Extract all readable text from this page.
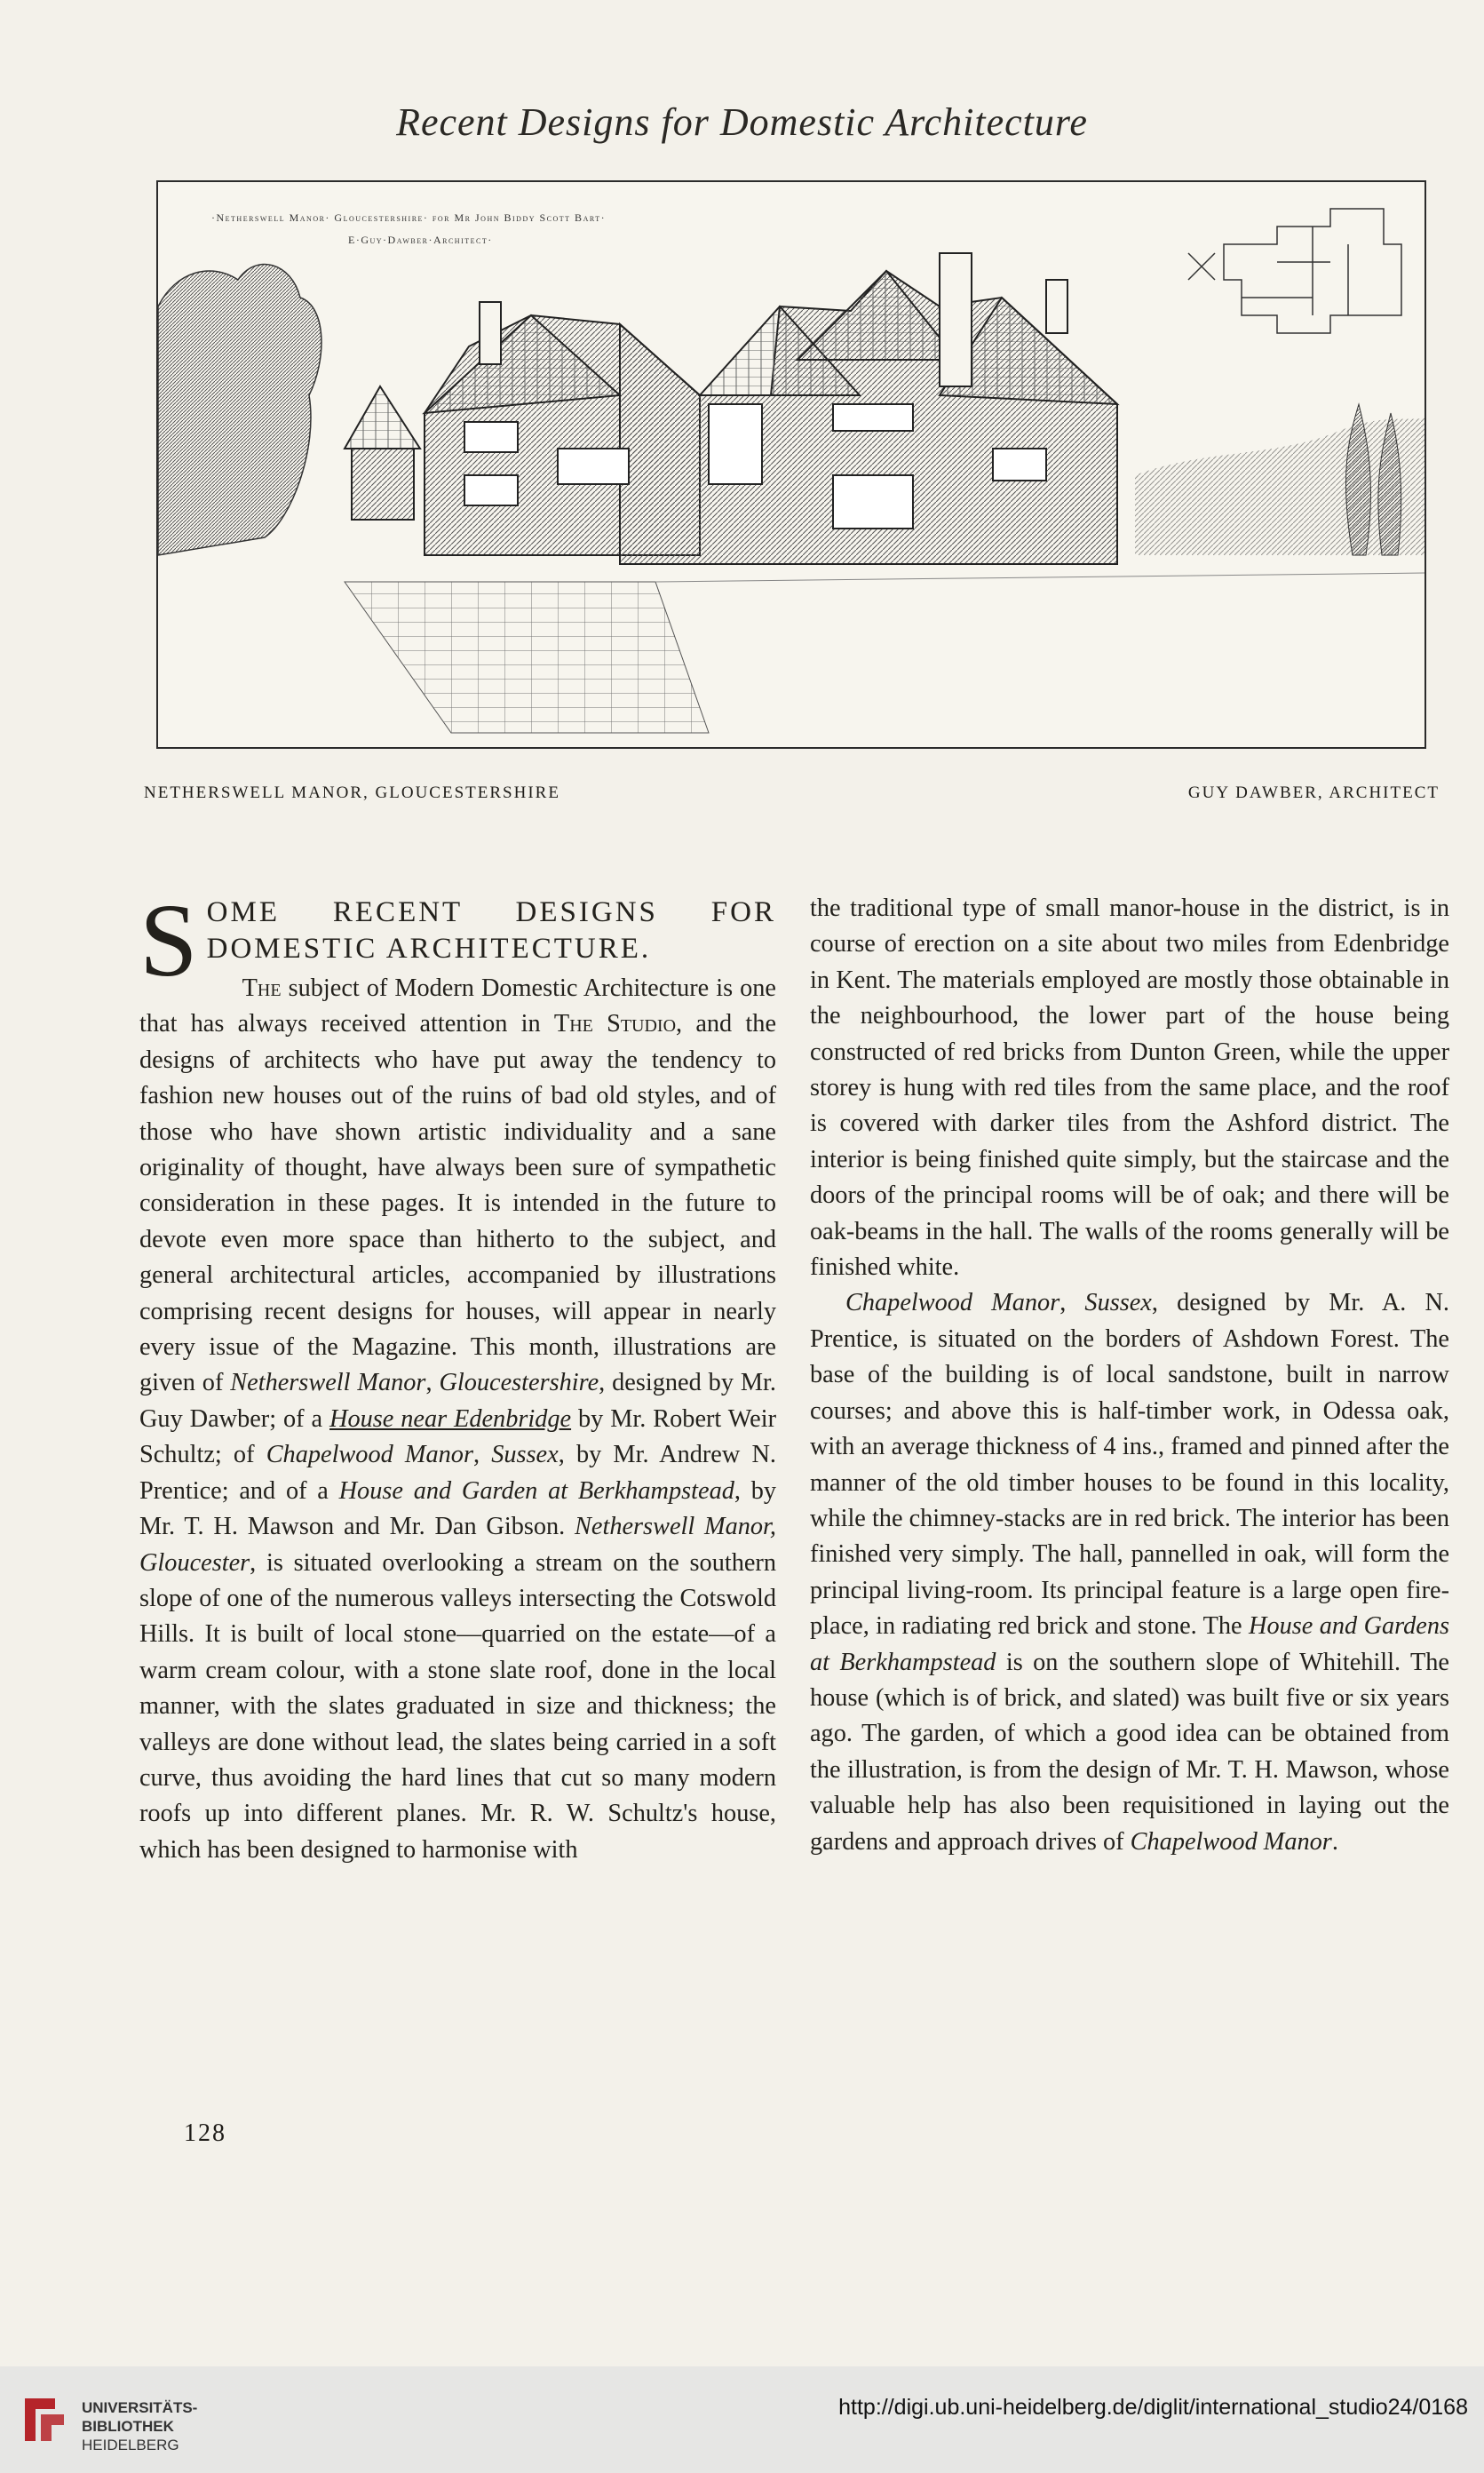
Recent Designs for Domestic Architecture
·Netherswell Manor· Gloucestershire· for Mr John Biddy Scott Bart·
E·Guy·Dawber·Architect·
NETHERSWELL MANOR, GLOUCESTERSHIRE	GUY DAWBER, ARCHITECT
S OME RECENT DESIGNS FOR
DOMESTIC ARCHITECTURE.

The subject of Modern Domestic Architecture is one that has always received attention in The Studio, and the designs of architects who have put away the tendency to fashion new houses out of the ruins of bad old styles, and of those who have shown artistic individuality and a sane originality of thought, have always been sure of sympathetic consideration in these pages. It is intended in the future to devote even more space than hitherto to the subject, and general architectural articles, accompanied by illustrations comprising recent designs for houses, will appear in nearly every issue of the Magazine. This month, illustrations are given of Netherswell Manor, Gloucestershire, designed by Mr. Guy Dawber; of a House near Edenbridge by Mr. Robert Weir Schultz; of Chapelwood Manor, Sussex, by Mr. Andrew N. Prentice; and of a House and Garden at Berkhampstead, by Mr. T. H. Mawson and Mr. Dan Gibson. Netherswell Manor, Gloucester, is situated overlooking a stream on the southern slope of one of the numerous valleys intersecting the Cotswold Hills. It is built of local stone—quarried on the estate—of a warm cream colour, with a stone slate roof, done in the local manner, with the slates graduated in size and thickness; the valleys are done without lead, the slates being carried in a soft curve, thus avoiding the hard lines that cut so many modern roofs up into different planes. Mr. R. W. Schultz's house, which has been designed to harmonise with

the traditional type of small manor-house in the district, is in course of erection on a site about two miles from Edenbridge in Kent. The materials employed are mostly those obtainable in the neighbourhood, the lower part of the house being constructed of red bricks from Dunton Green, while the upper storey is hung with red tiles from the same place, and the roof is covered with darker tiles from the Ashford district. The interior is being finished quite simply, but the staircase and the doors of the principal rooms will be of oak; and there will be oak-beams in the hall. The walls of the rooms generally will be finished white.

Chapelwood Manor, Sussex, designed by Mr. A. N. Prentice, is situated on the borders of Ashdown Forest. The base of the building is of local sandstone, built in narrow courses; and above this is half-timber work, in Odessa oak, with an average thickness of 4 ins., framed and pinned after the manner of the old timber houses to be found in this locality, while the chimney-stacks are in red brick. The interior has been finished very simply. The hall, pannelled in oak, will form the principal living-room. Its principal feature is a large open fire-place, in radiating red brick and stone. The House and Gardens at Berkhampstead is on the southern slope of Whitehill. The house (which is of brick, and slated) was built five or six years ago. The garden, of which a good idea can be obtained from the illustration, is from the design of Mr. T. H. Mawson, whose valuable help has also been requisitioned in laying out the gardens and approach drives of Chapelwood Manor.

128
UNIVERSITÄTS-
BIBLIOTHEK
HEIDELBERG
http://digi.ub.uni-heidelberg.de/diglit/international_studio24/0168
